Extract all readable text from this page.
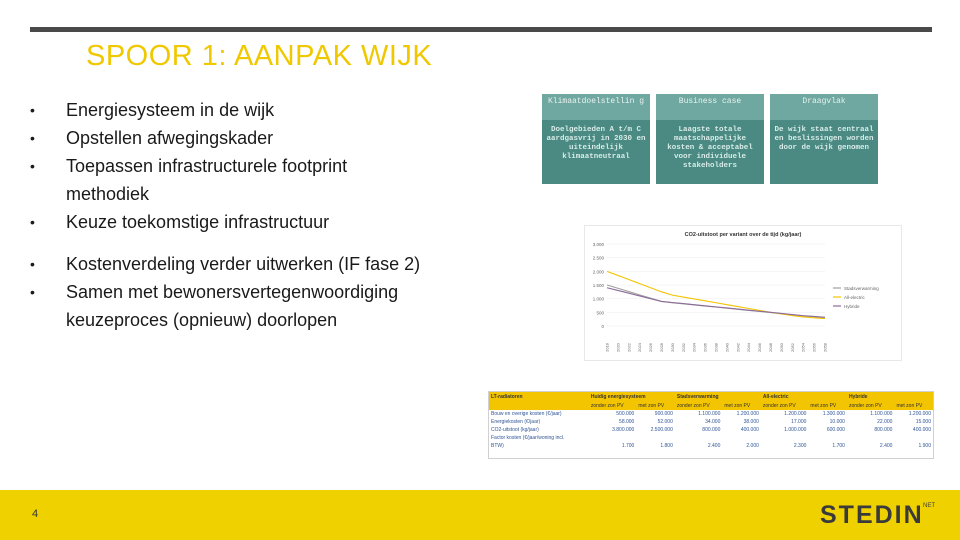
SPOOR 1: AANPAK WIJK
• Energiesysteem in de wijk
• Opstellen afwegingskader
• Toepassen infrastructurele footprint
methodiek
• Keuze toekomstige infrastructuur
• Kostenverdeling verder uitwerken (IF fase 2)
• Samen met bewonersvertegenwoordiging
keuzeproces (opnieuw) doorlopen
Klimaatdoelstellin g
Doelgebieden A t/m C aardgasvrij in 2030 en uiteindelijk klimaatneutraal
Business case
Laagste totale maatschappelijke kosten & acceptabel voor individuele stakeholders
Draagvlak
De wijk staat centraal en beslissingen worden door de wijk genomen
CO2-uitstoot per variant over de tijd (kg/jaar)
3.000
2.500
2.000
1.500
1.000
500
0
2018 2020 2022 2024 2026 2028 2030 2032 2034 2036 2038 2040 2042 2044 2046 2048 2050 2052 2054 2056 2058
Stadsverwarming
All-electric
Hybride
LT-radiatoren	Huidig energiesysteem		Stadsverwarming		All-electric		Hybride	
	zonder zon PV	met zon PV	zonder zon PV	met zon PV	zonder zon PV	met zon PV	zonder zon PV	met zon PV
Bouw en overige kosten (€/jaar)	500.000	900.000	1.100.000	1.200.000	1.200.000	1.300.000	1.100.000	1.200.000
Energiekosten (€/jaar)	58.000	52.000	34.000	38.000	17.000	10.000	22.000	15.000
CO2-uitstoot (kg/jaar)	3.800.000	2.500.000	800.000	400.000	1.000.000	600.000	800.000	400.000
Factor kosten (€/jaar/woning incl.								
BTW)	1.700	1.800	2.400	2.000	2.300	1.700	2.400	1.900
4	STEDIN NET
